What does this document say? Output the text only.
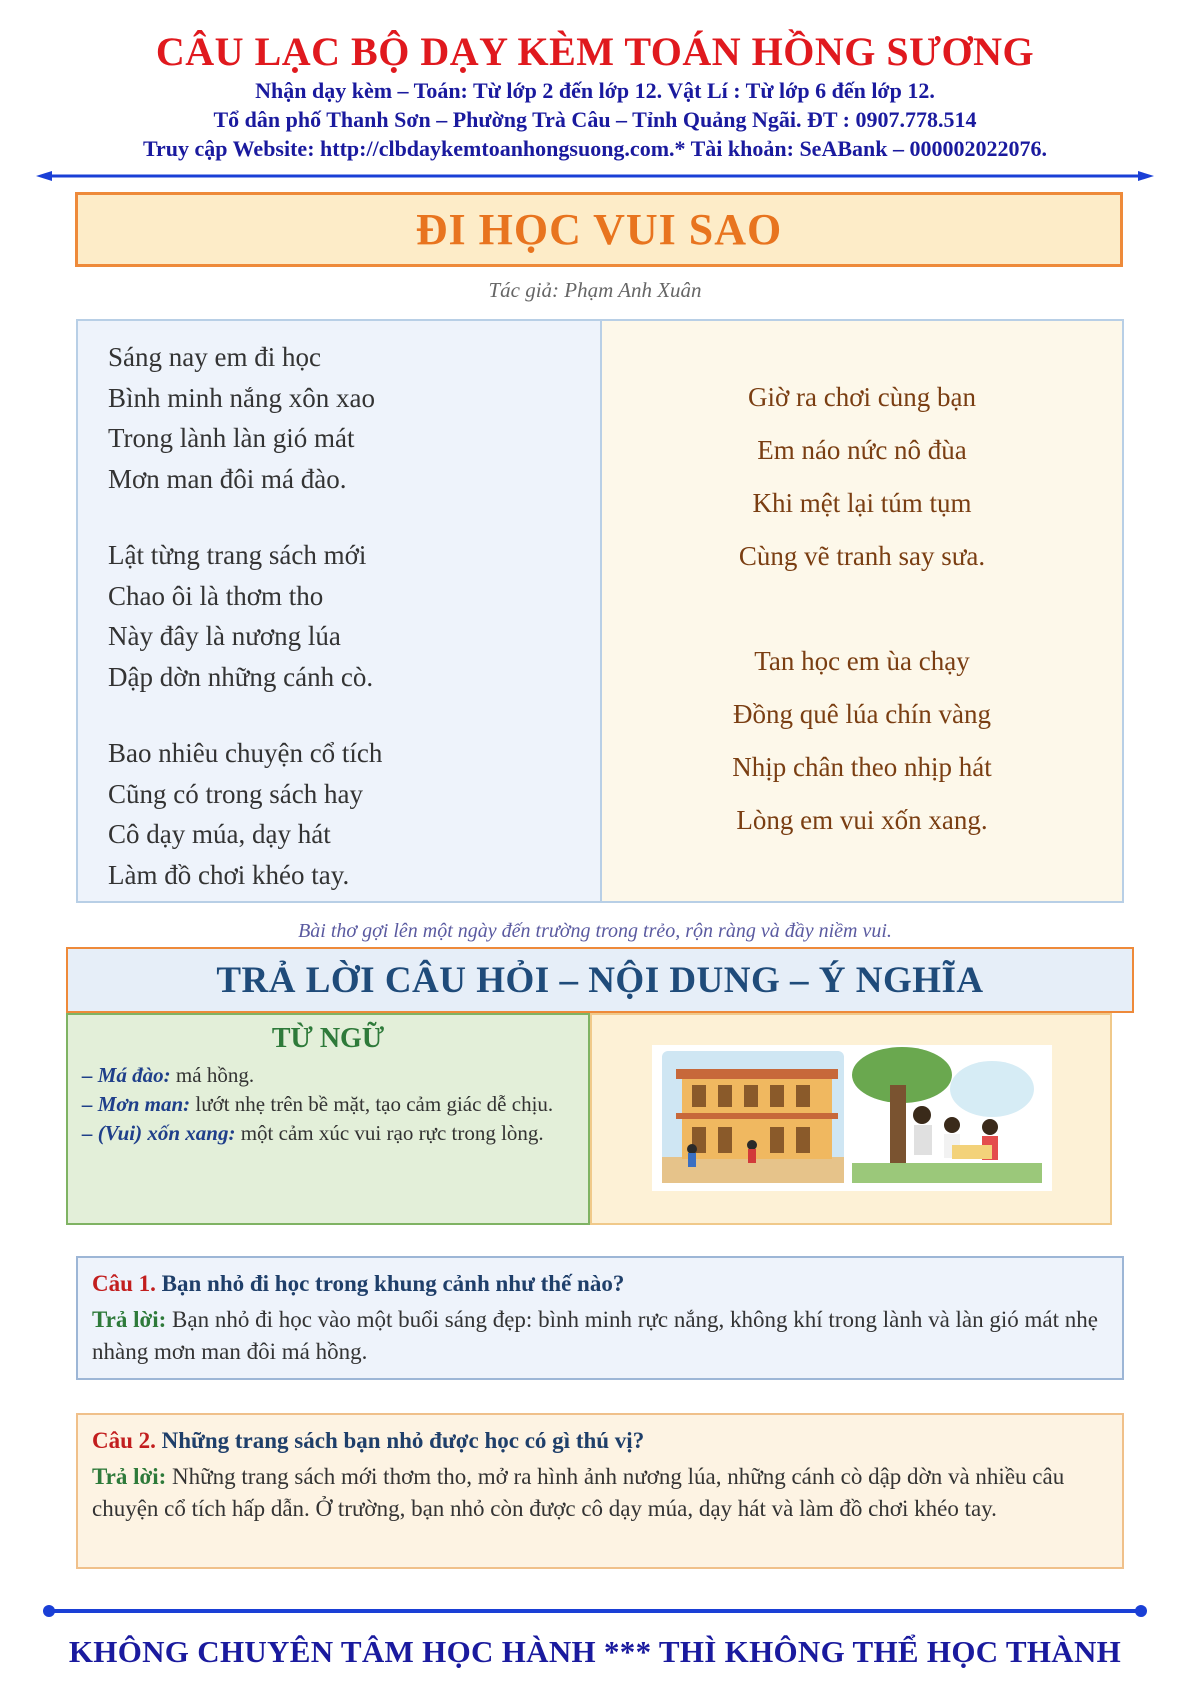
CÂU LẠC BỘ DẠY KÈM TOÁN HỒNG SƯƠNG
Nhận dạy kèm – Toán: Từ lớp 2 đến lớp 12. Vật Lí : Từ lớp 6 đến lớp 12.
Tổ dân phố Thanh Sơn – Phường Trà Câu – Tỉnh Quảng Ngãi. ĐT : 0907.778.514
Truy cập Website: http://clbdaykemtoanhongsuong.com.* Tài khoản: SeABank – 000002022076.
ĐI HỌC VUI SAO
Tác giả: Phạm Anh Xuân
Sáng nay em đi học
Bình minh nắng xôn xao
Trong lành làn gió mát
Mơn man đôi má đào.
Lật từng trang sách mới
Chao ôi là thơm tho
Này đây là nương lúa
Dập dờn những cánh cò.
Bao nhiêu chuyện cổ tích
Cũng có trong sách hay
Cô dạy múa, dạy hát
Làm đồ chơi khéo tay.
Giờ ra chơi cùng bạn
Em náo nức nô đùa
Khi mệt lại túm tụm
Cùng vẽ tranh say sưa.
Tan học em ùa chạy
Đồng quê lúa chín vàng
Nhịp chân theo nhịp hát
Lòng em vui xốn xang.
Bài thơ gợi lên một ngày đến trường trong trẻo, rộn ràng và đầy niềm vui.
TRẢ LỜI CÂU HỎI – NỘI DUNG – Ý NGHĨA
TỪ NGỮ

– Má đào: má hồng.

– Mơn man: lướt nhẹ trên bề mặt, tạo cảm giác dễ chịu.

– (Vui) xốn xang: một cảm xúc vui rạo rực trong lòng.

Câu 1. Bạn nhỏ đi học trong khung cảnh như thế nào?
Trả lời: Bạn nhỏ đi học vào một buổi sáng đẹp: bình minh rực nắng, không khí trong lành và làn gió mát nhẹ nhàng mơn man đôi má hồng.
Câu 2. Những trang sách bạn nhỏ được học có gì thú vị?
Trả lời: Những trang sách mới thơm tho, mở ra hình ảnh nương lúa, những cánh cò dập dờn và nhiều câu chuyện cổ tích hấp dẫn. Ở trường, bạn nhỏ còn được cô dạy múa, dạy hát và làm đồ chơi khéo tay.
KHÔNG CHUYÊN TÂM HỌC HÀNH *** THÌ KHÔNG THỂ HỌC THÀNH
